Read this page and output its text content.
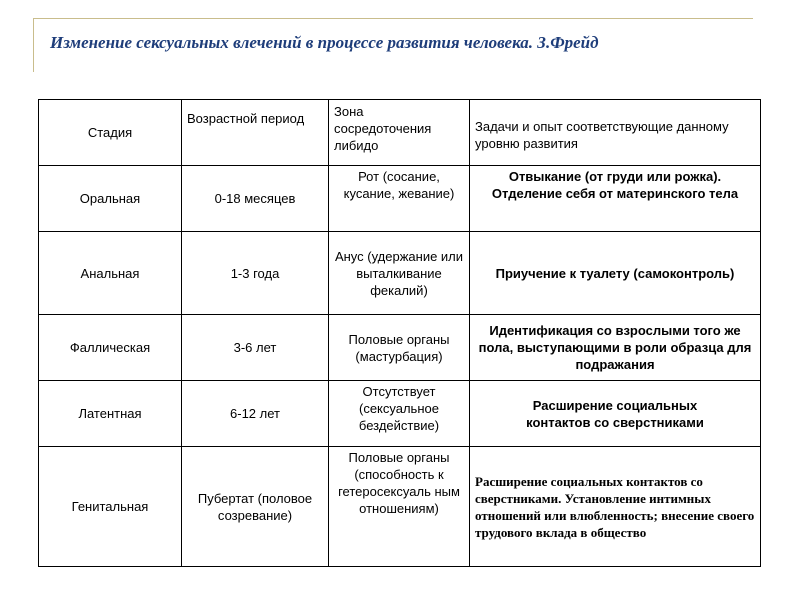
Изменение сексуальных влечений в процессе развития человека. З.Фрейд
Стадия	Возрастной период	Зона сосредоточения либидо	Задачи и опыт соответствующие данному уровню развития
Оральная	0-18 месяцев	Рот (сосание, кусание, жевание)	Отвыкание (от груди или рожка). Отделение себя от материнского тела
Анальная	1-3 года	Анус (удержание или выталкивание фекалий)	Приучение к туалету (самоконтроль)
Фаллическая	3-6 лет	Половые органы (мастурбация)	Идентификация со взрослыми того же пола, выступающими в роли образца для подражания
Латентная	6-12 лет	Отсутствует (сексуальное бездействие)	Расширение социальных контактов со сверстниками
Генитальная	Пубертат (половое созревание)	Половые органы (способность к гетеросексуаль ным отношениям)	Расширение социальных контактов со сверстниками. Установление интимных отношений или влюбленность; внесение своего трудового вклада в общество
